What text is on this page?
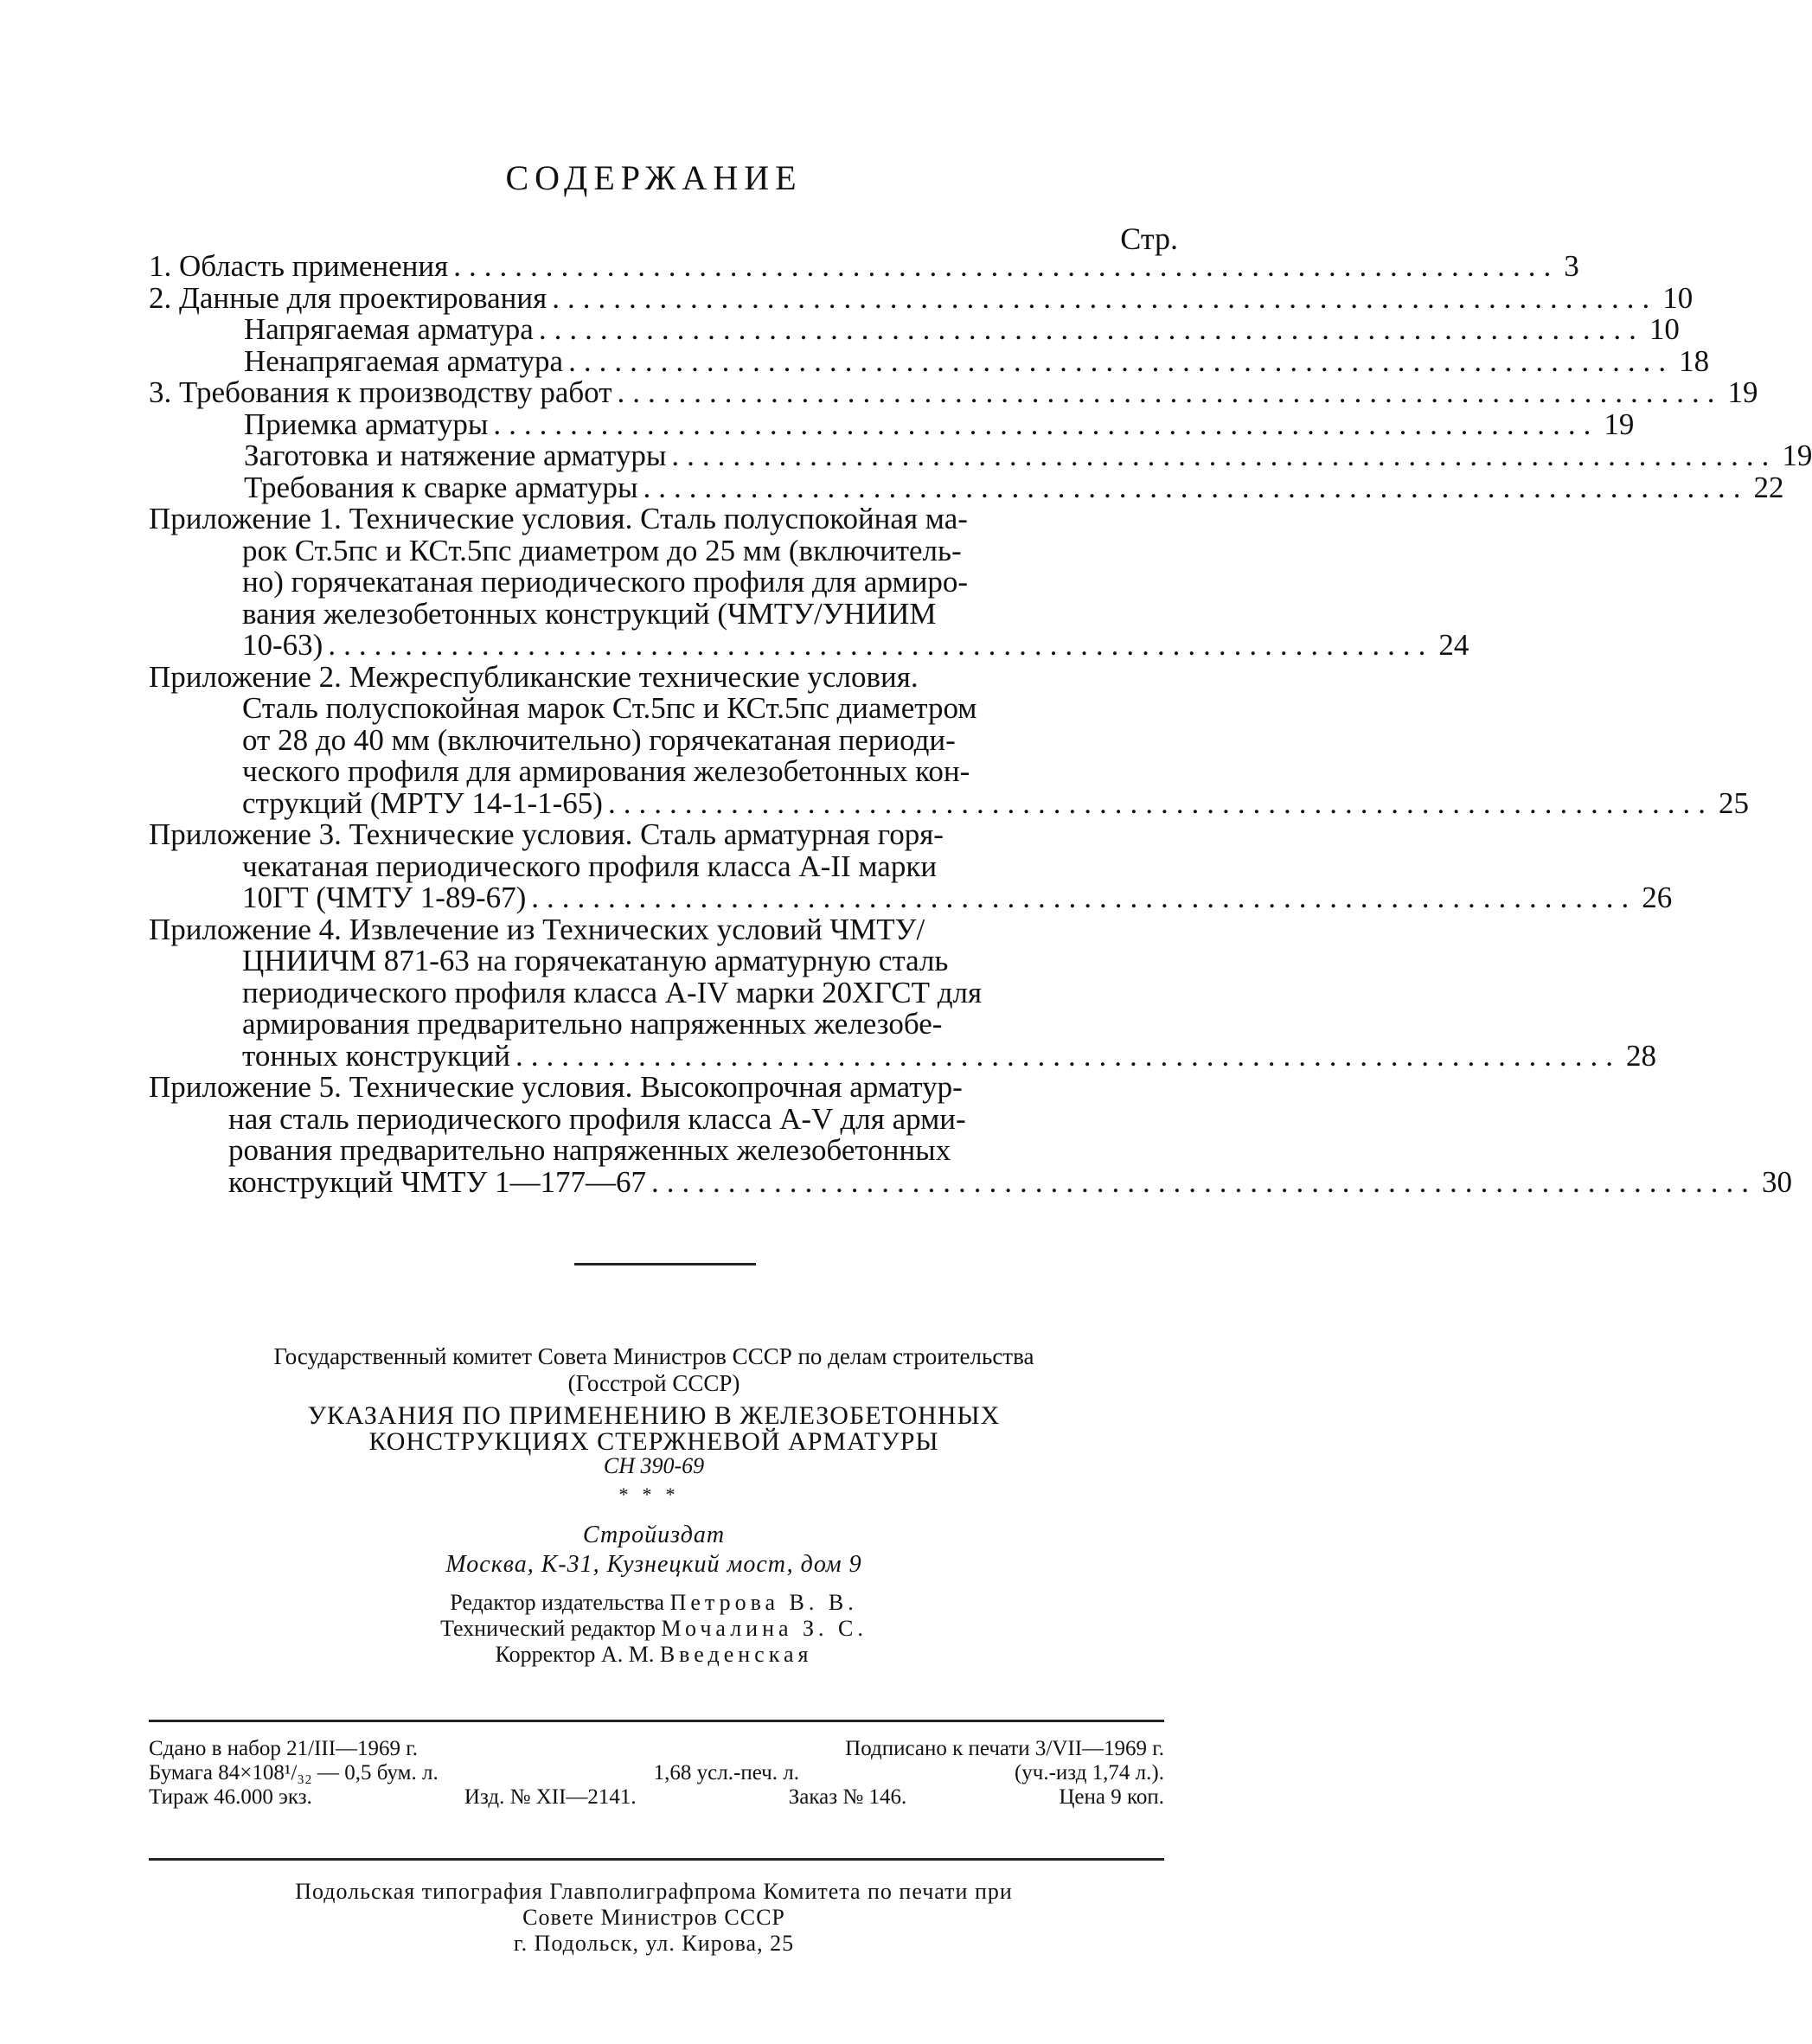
СОДЕРЖАНИЕ
Стр.
1. Область применения ........................................................................ 3
2. Данные для проектирования ........................................................................ 10
Напрягаемая арматура ........................................................................ 10
Ненапрягаемая арматура ........................................................................ 18
3. Требования к производству работ ........................................................................ 19
Приемка арматуры ........................................................................ 19
Заготовка и натяжение арматуры ........................................................................ 19
Требования к сварке арматуры ........................................................................ 22
Приложение 1. Технические условия. Сталь полуспокойная ма-
рок Ст.5пс и КСт.5пс диаметром до 25 мм (включитель-
но) горячекатаная периодического профиля для армиро-
вания железобетонных конструкций (ЧМТУ/УНИИМ
10-63) ........................................................................ 24
Приложение 2. Межреспубликанские технические условия.
Сталь полуспокойная марок Ст.5пс и КСт.5пс диаметром
от 28 до 40 мм (включительно) горячекатаная периоди-
ческого профиля для армирования железобетонных кон-
струкций (МРТУ 14-1-1-65) ........................................................................ 25
Приложение 3. Технические условия. Сталь арматурная горя-
чекатаная периодического профиля класса А-II марки
10ГТ (ЧМТУ 1-89-67) ........................................................................ 26
Приложение 4. Извлечение из Технических условий ЧМТУ/
ЦНИИЧМ 871-63 на горячекатаную арматурную сталь
периодического профиля класса А-IV марки 20ХГСТ для
армирования предварительно напряженных железобе-
тонных конструкций ........................................................................ 28
Приложение 5. Технические условия. Высокопрочная арматур-
ная сталь периодического профиля класса А-V для арми-
рования предварительно напряженных железобетонных
конструкций ЧМТУ 1—177—67 ........................................................................ 30
Государственный комитет Совета Министров СССР по делам строительства
(Госстрой СССР)
УКАЗАНИЯ ПО ПРИМЕНЕНИЮ В ЖЕЛЕЗОБЕТОННЫХ
КОНСТРУКЦИЯХ СТЕРЖНЕВОЙ АРМАТУРЫ
СН 390-69
***
Стройиздат
Москва, К-31, Кузнецкий мост, дом 9
Редактор издательства Петрова В. В.
Технический редактор Мочалина З. С.
Корректор А. М. Введенская
Сдано в набор 21/III—1969 г.	Подписано к печати 3/VII—1969 г.
Бумага 84×108¹/₃₂ — 0,5 бум. л.	1,68 усл.-печ. л.	(уч.-изд 1,74 л.).
Тираж 46.000 экз.	Изд. № XII—2141.	Заказ № 146.	Цена 9 коп.
Подольская типография Главполиграфпрома Комитета по печати при
Совете Министров СССР
г. Подольск, ул. Кирова, 25
